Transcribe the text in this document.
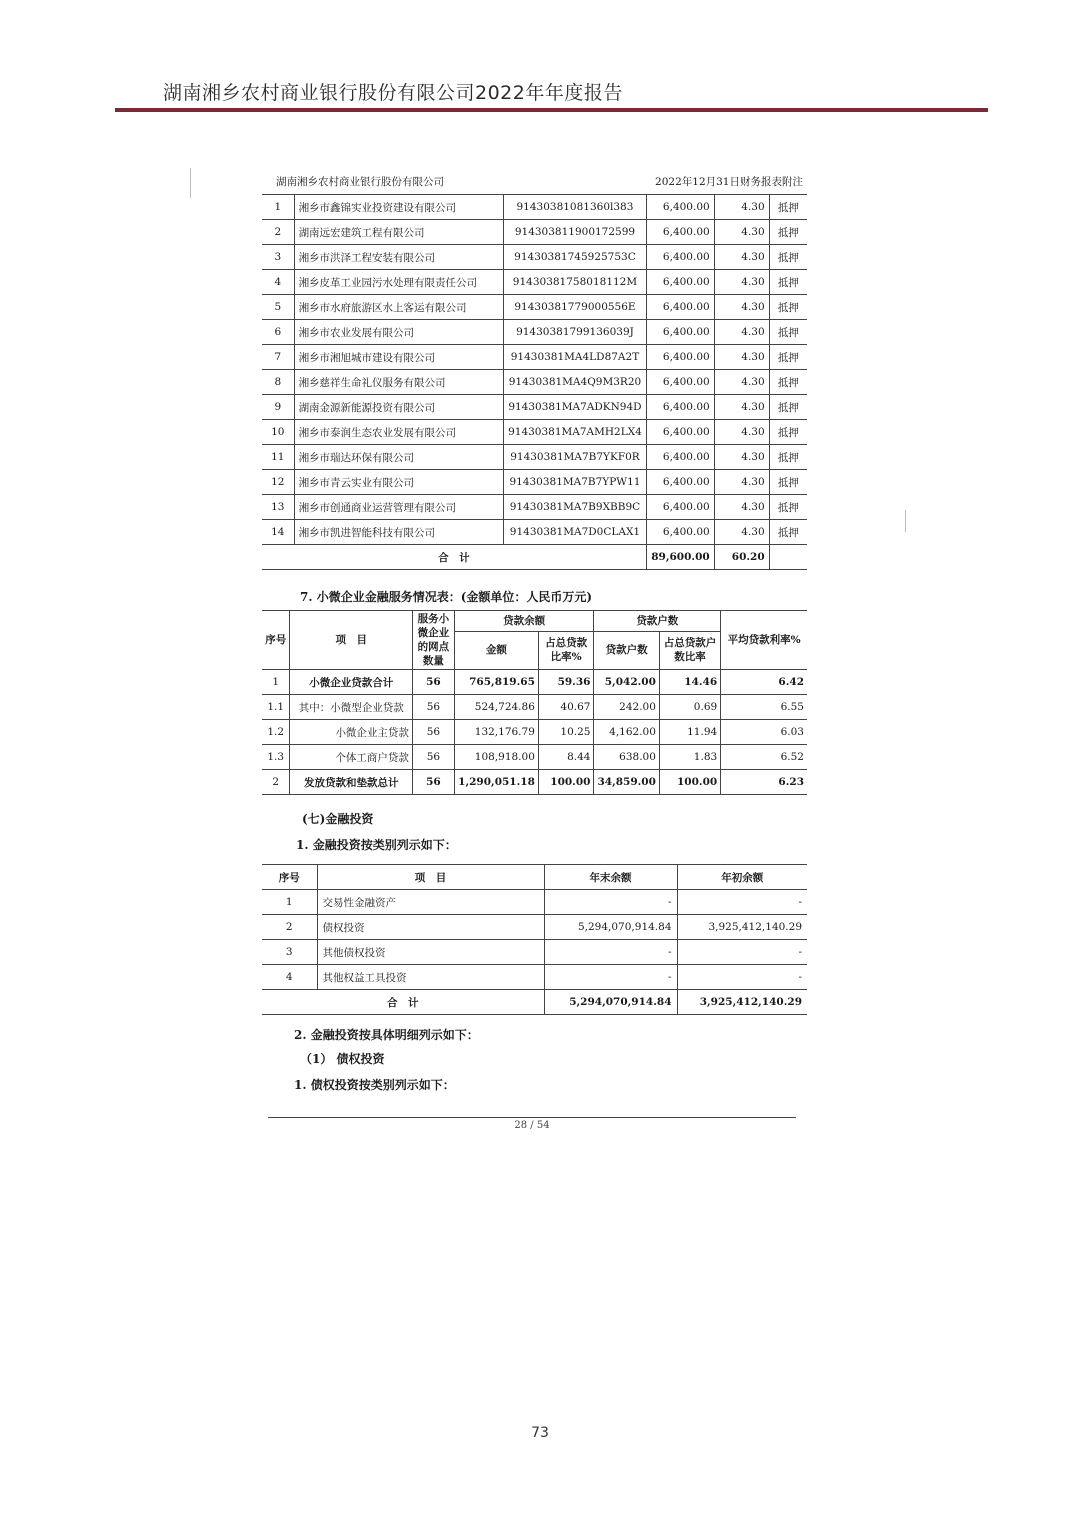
湖南湘乡农村商业银行股份有限公司2022年年度报告
湖南湘乡农村商业银行股份有限公司	2022年12月31日财务报表附注
1	湘乡市鑫锦实业投资建设有限公司	91430381081360l383	6,400.00	4.30	抵押
2	湖南远宏建筑工程有限公司	914303811900172599	6,400.00	4.30	抵押
3	湘乡市洪泽工程安装有限公司	91430381745925753C	6,400.00	4.30	抵押
4	湘乡皮革工业园污水处理有限责任公司	91430381758018112M	6,400.00	4.30	抵押
5	湘乡市水府旅游区水上客运有限公司	91430381779000556E	6,400.00	4.30	抵押
6	湘乡市农业发展有限公司	91430381799136039J	6,400.00	4.30	抵押
7	湘乡市湘旭城市建设有限公司	91430381MA4LD87A2T	6,400.00	4.30	抵押
8	湘乡慈祥生命礼仪服务有限公司	91430381MA4Q9M3R20	6,400.00	4.30	抵押
9	湖南金源新能源投资有限公司	91430381MA7ADKN94D	6,400.00	4.30	抵押
10	湘乡市泰润生态农业发展有限公司	91430381MA7AMH2LX4	6,400.00	4.30	抵押
11	湘乡市瑞达环保有限公司	91430381MA7B7YKF0R	6,400.00	4.30	抵押
12	湘乡市青云实业有限公司	91430381MA7B7YPW11	6,400.00	4.30	抵押
13	湘乡市创通商业运营管理有限公司	91430381MA7B9XBB9C	6,400.00	4.30	抵押
14	湘乡市凯进智能科技有限公司	91430381MA7D0CLAX1	6,400.00	4.30	抵押
合　计			89,600.00	60.20	
7. 小微企业金融服务情况表：(金额单位：人民币万元)
序号	项　目	服务小微企业的网点数量	贷款余额		贷款户数		平均贷款利率%
			金额	占总贷款比率%	贷款户数	占总贷款户数比率	
1	小微企业贷款合计	56	765,819.65	59.36	5,042.00	14.46	6.42
1.1	其中：小微型企业贷款	56	524,724.86	40.67	242.00	0.69	6.55
1.2	小微企业主贷款	56	132,176.79	10.25	4,162.00	11.94	6.03
1.3	个体工商户贷款	56	108,918.00	8.44	638.00	1.83	6.52
2	发放贷款和垫款总计	56	1,290,051.18	100.00	34,859.00	100.00	6.23
(七)金融投资
1. 金融投资按类别列示如下：
序号	项　目	年末余额	年初余额
1	交易性金融资产	-	-
2	债权投资	5,294,070,914.84	3,925,412,140.29
3	其他债权投资	-	-
4	其他权益工具投资	-	-
合　计		5,294,070,914.84	3,925,412,140.29
2. 金融投资按具体明细列示如下：
（1） 债权投资
1. 债权投资按类别列示如下：
28 / 54
73
